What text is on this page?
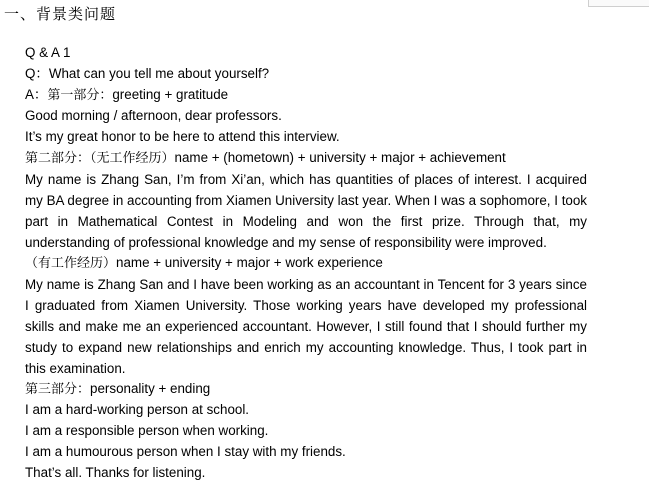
一、背景类问题
Q & A 1
Q：What can you tell me about yourself?
A：第一部分：greeting + gratitude
Good morning / afternoon, dear professors.
It’s my great honor to be here to attend this interview.
第二部分：（无工作经历）name + (hometown) + university + major + achievement
My name is Zhang San, I’m from Xi’an, which has quantities of places of interest. I acquired my BA degree in accounting from Xiamen University last year. When I was a sophomore, I took part in Mathematical Contest in Modeling and won the first prize. Through that, my understanding of professional knowledge and my sense of responsibility were improved.
（有工作经历）name + university + major + work experience
My name is Zhang San and I have been working as an accountant in Tencent for 3 years since I graduated from Xiamen University. Those working years have developed my professional skills and make me an experienced accountant. However, I still found that I should further my study to expand new relationships and enrich my accounting knowledge. Thus, I took part in this examination.
第三部分：personality + ending
I am a hard-working person at school.
I am a responsible person when working.
I am a humourous person when I stay with my friends.
That’s all. Thanks for listening.
